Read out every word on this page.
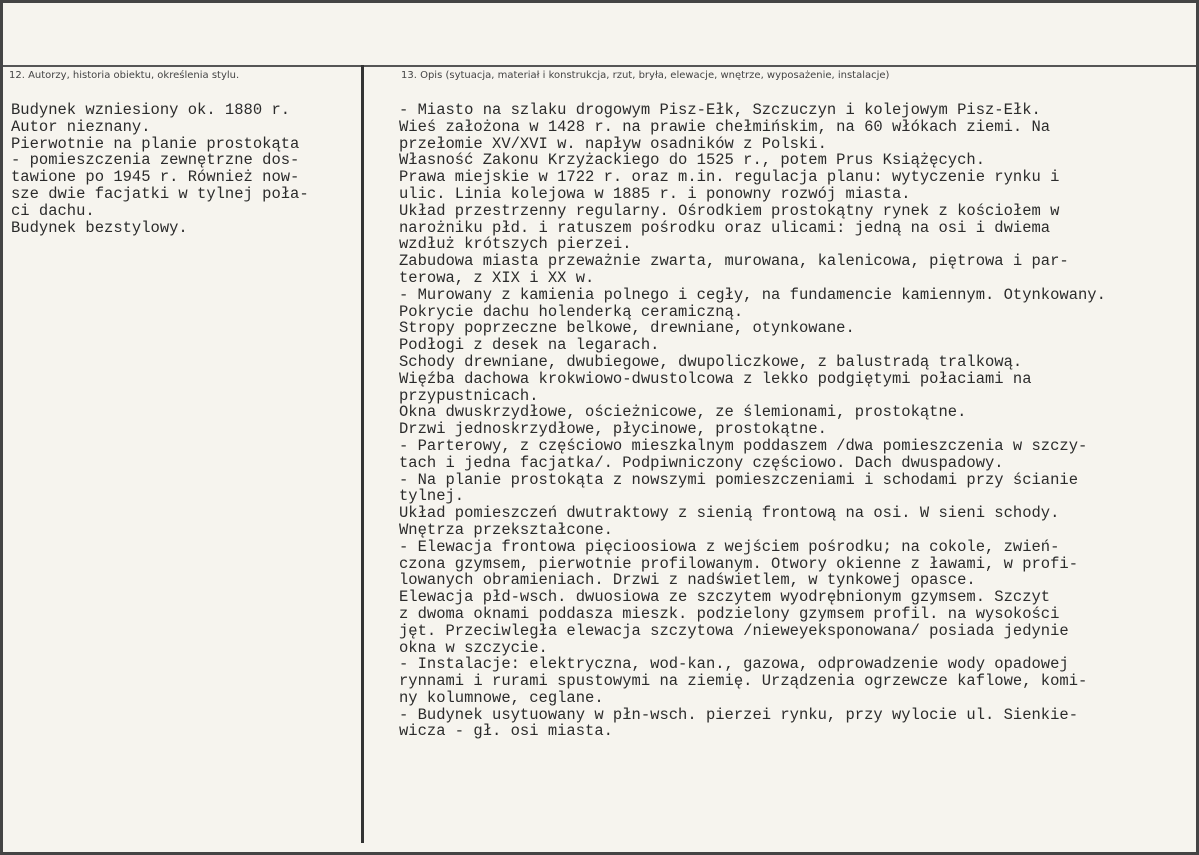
12. Autorzy, historia obiektu, określenia stylu.	13. Opis (sytuacja, materiał i konstrukcja, rzut, bryła, elewacje, wnętrze, wyposażenie, instalacje)
Budynek wzniesiony ok. 1880 r.
Autor nieznany.
Pierwotnie na planie prostokąta
- pomieszczenia zewnętrzne dos-
tawione po 1945 r. Również now-
sze dwie facjatki w tylnej poła-
ci dachu.
Budynek bezstylowy.
- Miasto na szlaku drogowym Pisz-Ełk, Szczuczyn i kolejowym Pisz-Ełk.
Wieś założona w 1428 r. na prawie chełmińskim, na 60 włókach ziemi. Na
przełomie XV/XVI w. napływ osadników z Polski.
Własność Zakonu Krzyżackiego do 1525 r., potem Prus Książęcych.
Prawa miejskie w 1722 r. oraz m.in. regulacja planu: wytyczenie rynku i
ulic. Linia kolejowa w 1885 r. i ponowny rozwój miasta.
Układ przestrzenny regularny. Ośrodkiem prostokątny rynek z kościołem w
narożniku płd. i ratuszem pośrodku oraz ulicami: jedną na osi i dwiema
wzdłuż krótszych pierzei.
Zabudowa miasta przeważnie zwarta, murowana, kalenicowa, piętrowa i par-
terowa, z XIX i XX w.
- Murowany z kamienia polnego i cegły, na fundamencie kamiennym. Otynkowany.
Pokrycie dachu holenderką ceramiczną.
Stropy poprzeczne belkowe, drewniane, otynkowane.
Podłogi z desek na legarach.
Schody drewniane, dwubiegowe, dwupoliczkowe, z balustradą tralkową.
Więźba dachowa krokwiowo-dwustolcowa z lekko podgiętymi połaciami na
przypustnicach.
Okna dwuskrzydłowe, ościeżnicowe, ze ślemionami, prostokątne.
Drzwi jednoskrzydłowe, płycinowe, prostokątne.
- Parterowy, z częściowo mieszkalnym poddaszem /dwa pomieszczenia w szczy-
tach i jedna facjatka/. Podpiwniczony częściowo. Dach dwuspadowy.
- Na planie prostokąta z nowszymi pomieszczeniami i schodami przy ścianie
tylnej.
Układ pomieszczeń dwutraktowy z sienią frontową na osi. W sieni schody.
Wnętrza przekształcone.
- Elewacja frontowa pięcioosiowa z wejściem pośrodku; na cokole, zwień-
czona gzymsem, pierwotnie profilowanym. Otwory okienne z ławami, w profi-
lowanych obramieniach. Drzwi z nadświetlem, w tynkowej opasce.
Elewacja płd-wsch. dwuosiowa ze szczytem wyodrębnionym gzymsem. Szczyt
z dwoma oknami poddasza mieszk. podzielony gzymsem profil. na wysokości
jęt. Przeciwległa elewacja szczytowa /nieweyeksponowana/ posiada jedynie
okna w szczycie.
- Instalacje: elektryczna, wod-kan., gazowa, odprowadzenie wody opadowej
rynnami i rurami spustowymi na ziemię. Urządzenia ogrzewcze kaflowe, komi-
ny kolumnowe, ceglane.
- Budynek usytuowany w płn-wsch. pierzei rynku, przy wylocie ul. Sienkie-
wicza - gł. osi miasta.
